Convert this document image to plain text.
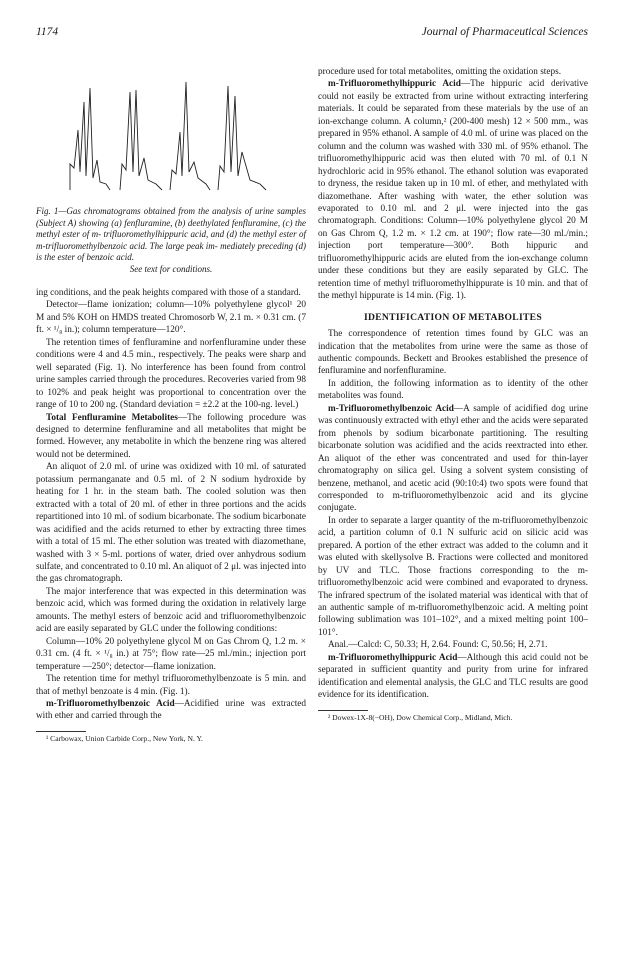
1174	Journal of Pharmaceutical Sciences
Fig. 1—Gas chromatograms obtained from the analysis of urine samples (Subject A) showing (a) fenfluramine, (b) deethylated fenfluramine, (c) the methyl ester of m- trifluoromethylhippuric acid, and (d) the methyl ester of m-trifluoromethylbenzoic acid. The large peak im- mediately preceding (d) is the ester of benzoic acid.
See text for conditions.

ing conditions, and the peak heights compared with those of a standard.

Detector—flame ionization; column—10% polyethylene glycol¹ 20 M and 5% KOH on HMDS treated Chromosorb W, 2.1 m. × 0.31 cm. (7 ft. × ¹/₈ in.); column temperature—120°.

The retention times of fenfluramine and norfenfluramine under these conditions were 4 and 4.5 min., respectively. The peaks were sharp and well separated (Fig. 1). No interference has been found from control urine samples carried through the procedures. Recoveries varied from 98 to 102% and peak height was proportional to concentration over the range of 10 to 200 ng. (Standard deviation = ±2.2 at the 100-ng. level.)

Total Fenfluramine Metabolites—The following procedure was designed to determine fenfluramine and all metabolites that might be formed. However, any metabolite in which the benzene ring was altered would not be determined.

An aliquot of 2.0 ml. of urine was oxidized with 10 ml. of saturated potassium permanganate and 0.5 ml. of 2 N sodium hydroxide by heating for 1 hr. in the steam bath. The cooled solution was then extracted with a total of 20 ml. of ether in three portions and the acids repartitioned into 10 ml. of sodium bicarbonate. The sodium bicarbonate was acidified and the acids returned to ether by extracting three times with a total of 15 ml. The ether solution was treated with diazomethane, washed with 3 × 5-ml. portions of water, dried over anhydrous sodium sulfate, and concentrated to 0.10 ml. An aliquot of 2 μl. was injected into the gas chromatograph.

The major interference that was expected in this determination was benzoic acid, which was formed during the oxidation in relatively large amounts. The methyl esters of benzoic acid and trifluoromethylbenzoic acid are easily separated by GLC under the following conditions:

Column—10% 20 polyethylene glycol M on Gas Chrom Q, 1.2 m. × 0.31 cm. (4 ft. × ¹/₈ in.) at 75°; flow rate—25 ml./min.; injection port temperature —250°; detector—flame ionization.

The retention time for methyl trifluoromethylbenzoate is 5 min. and that of methyl benzoate is 4 min. (Fig. 1).

m-Trifluoromethylbenzoic Acid—Acidified urine was extracted with ether and carried through the

¹ Carbowax, Union Carbide Corp., New York, N. Y.

procedure used for total metabolites, omitting the oxidation steps.

m-Trifluoromethylhippuric Acid—The hippuric acid derivative could not easily be extracted from urine without extracting interfering materials. It could be separated from these materials by the use of an ion-exchange column. A column,² (200-400 mesh) 12 × 500 mm., was prepared in 95% ethanol. A sample of 4.0 ml. of urine was placed on the column and the column was washed with 330 ml. of 95% ethanol. The trifluoromethylhippuric acid was then eluted with 70 ml. of 0.1 N hydrochloric acid in 95% ethanol. The ethanol solution was evaporated to dryness, the residue taken up in 10 ml. of ether, and methylated with diazomethane. After washing with water, the ether solution was evaporated to 0.10 ml. and 2 μl. were injected into the gas chromatograph. Conditions: Column—10% polyethylene glycol 20 M on Gas Chrom Q, 1.2 m. × 1.2 cm. at 190°; flow rate—30 ml./min.; injection port temperature—300°. Both hippuric and trifluoromethylhippuric acids are eluted from the ion-exchange column under these conditions but they are easily separated by GLC. The retention time of methyl trifluoromethylhippurate is 10 min. and that of the methyl hippurate is 14 min. (Fig. 1).

IDENTIFICATION OF METABOLITES

The correspondence of retention times found by GLC was an indication that the metabolites from urine were the same as those of authentic compounds. Beckett and Brookes established the presence of fenfluramine and norfenfluramine.

In addition, the following information as to identity of the other metabolites was found.

m-Trifluoromethylbenzoic Acid—A sample of acidified dog urine was continuously extracted with ethyl ether and the acids were separated from phenols by sodium bicarbonate partitioning. The resulting bicarbonate solution was acidified and the acids reextracted into ether. An aliquot of the ether was concentrated and used for thin-layer chromatography on silica gel. Using a solvent system consisting of benzene, methanol, and acetic acid (90:10:4) two spots were found that corresponded to m-trifluoromethylbenzoic acid and its glycine conjugate.

In order to separate a larger quantity of the m-trifluoromethylbenzoic acid, a partition column of 0.1 N sulfuric acid on silicic acid was prepared. A portion of the ether extract was added to the column and it was eluted with skellysolve B. Fractions were collected and monitored by UV and TLC. Those fractions corresponding to the m-trifluoromethylbenzoic acid were combined and evaporated to dryness. The infrared spectrum of the isolated material was identical with that of an authentic sample of m-trifluoromethylbenzoic acid. A melting point following sublimation was 101–102°, and a mixed melting point 100–101°.

Anal.—Calcd: C, 50.33; H, 2.64. Found: C, 50.56; H, 2.71.

m-Trifluoromethylhippuric Acid—Although this acid could not be separated in sufficient quantity and purity from urine for infrared identification and elemental analysis, the GLC and TLC results are good evidence for its identification.

² Dowex-1X-8(−OH), Dow Chemical Corp., Midland, Mich.
